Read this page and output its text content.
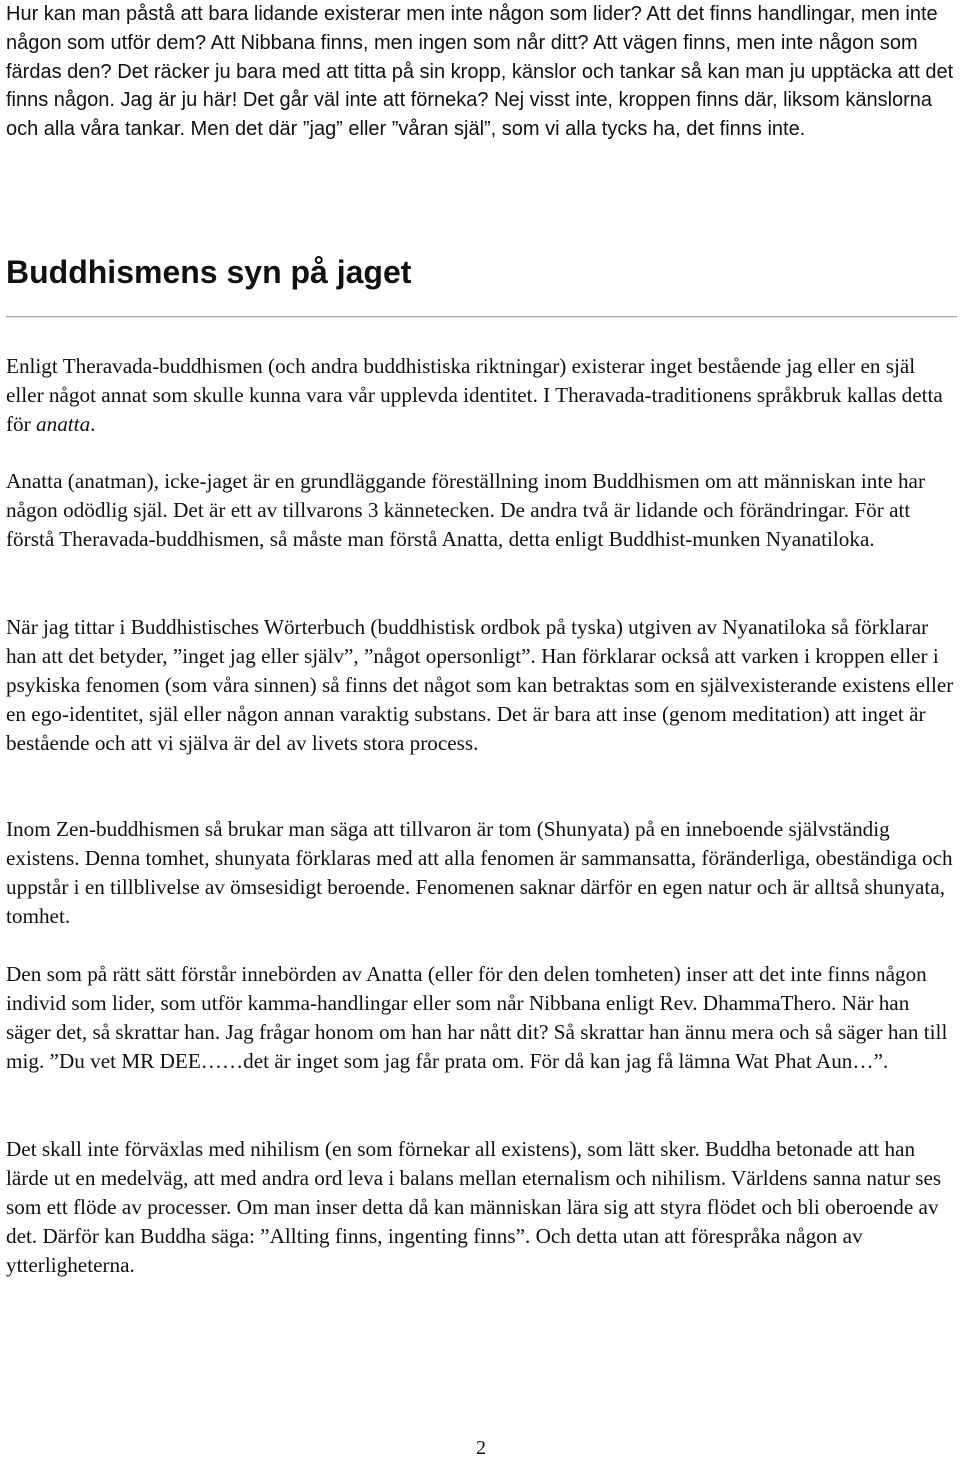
Hur kan man påstå att bara lidande existerar men inte någon som lider? Att det finns handlingar, men inte någon som utför dem? Att Nibbana finns, men ingen som når ditt? Att vägen finns, men inte någon som färdas den? Det räcker ju bara med att titta på sin kropp, känslor och tankar så kan man ju upptäcka att det finns någon. Jag är ju här! Det går väl inte att förneka? Nej visst inte, kroppen finns där, liksom känslorna och alla våra tankar. Men det där ”jag” eller ”våran själ”, som vi alla tycks ha, det finns inte.

Buddhismens syn på jaget

Enligt Theravada-buddhismen (och andra buddhistiska riktningar) existerar inget bestående jag eller en själ eller något annat som skulle kunna vara vår upplevda identitet. I Theravada-traditionens språkbruk kallas detta för anatta.

Anatta (anatman), icke-jaget är en grundläggande föreställning inom Buddhismen om att människan inte har någon odödlig själ. Det är ett av tillvarons 3 kännetecken. De andra två är lidande och förändringar. För att förstå Theravada-buddhismen, så måste man förstå Anatta, detta enligt Buddhist-munken Nyanatiloka.

När jag tittar i Buddhistisches Wörterbuch (buddhistisk ordbok på tyska) utgiven av Nyanatiloka så förklarar han att det betyder, ”inget jag eller själv”, ”något opersonligt”. Han förklarar också att varken i kroppen eller i psykiska fenomen (som våra sinnen) så finns det något som kan betraktas som en självexisterande existens eller en ego-identitet, själ eller någon annan varaktig substans. Det är bara att inse (genom meditation) att inget är bestående och att vi själva är del av livets stora process.

Inom Zen-buddhismen så brukar man säga att tillvaron är tom (Shunyata) på en inneboende självständig existens. Denna tomhet, shunyata förklaras med att alla fenomen är sammansatta, föränderliga, obeständiga och uppstår i en tillblivelse av ömsesidigt beroende. Fenomenen saknar därför en egen natur och är alltså shunyata, tomhet.

Den som på rätt sätt förstår innebörden av Anatta (eller för den delen tomheten) inser att det inte finns någon individ som lider, som utför kamma-handlingar eller som når Nibbana enligt Rev. DhammaThero. När han säger det, så skrattar han. Jag frågar honom om han har nått dit? Så skrattar han ännu mera och så säger han till mig. ”Du vet MR DEE……det är inget som jag får prata om. För då kan jag få lämna Wat Phat Aun…”.

Det skall inte förväxlas med nihilism (en som förnekar all existens), som lätt sker. Buddha betonade att han lärde ut en medelväg, att med andra ord leva i balans mellan eternalism och nihilism. Världens sanna natur ses som ett flöde av processer. Om man inser detta då kan människan lära sig att styra flödet och bli oberoende av det. Därför kan Buddha säga: ”Allting finns, ingenting finns”. Och detta utan att förespråka någon av ytterligheterna.

2
